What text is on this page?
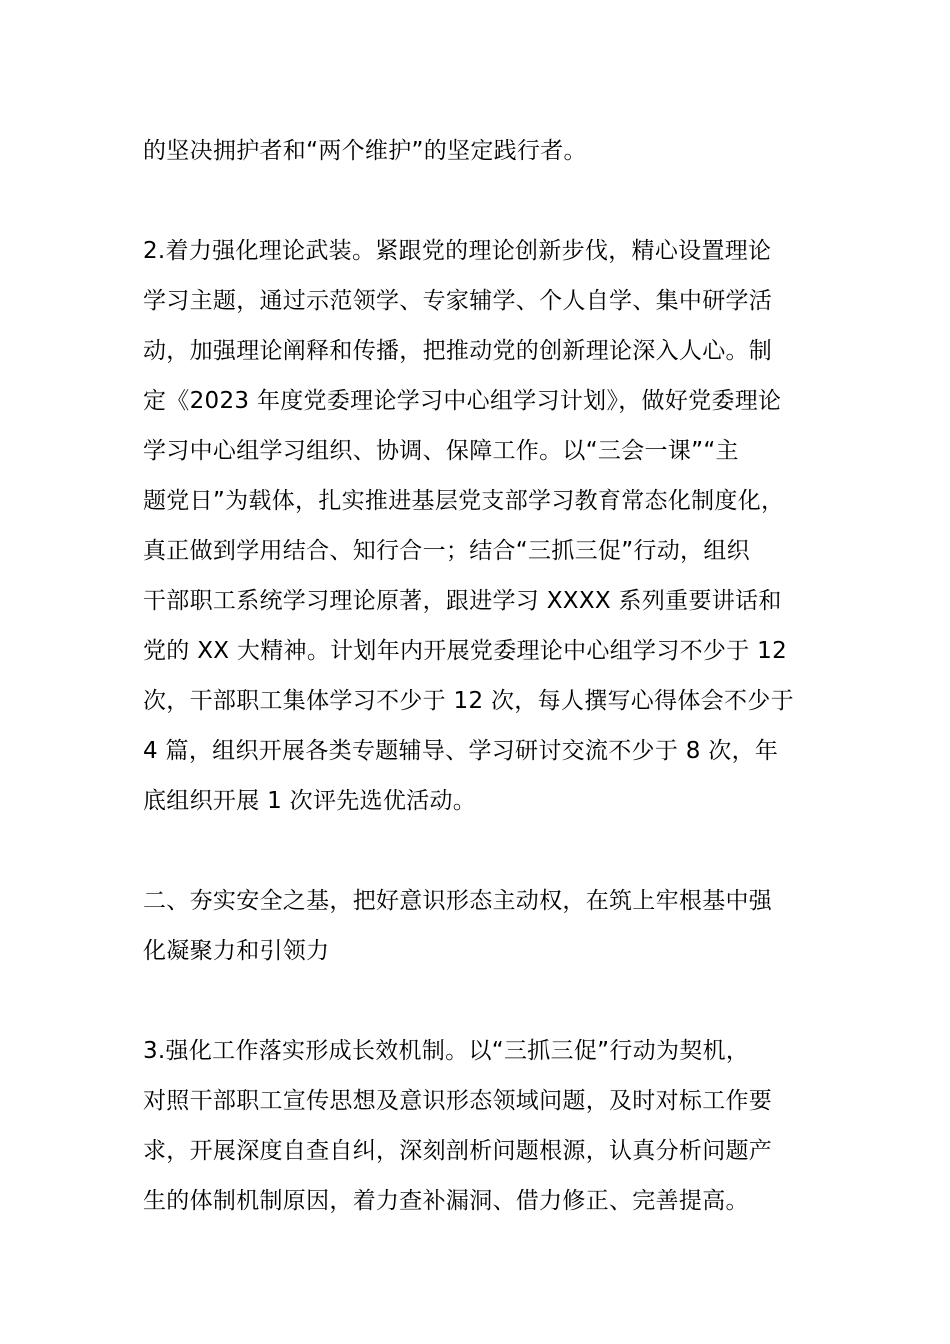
的坚决拥护者和“两个维护”的坚定践行者。
2.着力强化理论武装。紧跟党的理论创新步伐，精心设置理论
学习主题，通过示范领学、专家辅学、个人自学、集中研学活
动，加强理论阐释和传播，把推动党的创新理论深入人心。制
定《2023 年度党委理论学习中心组学习计划》，做好党委理论
学习中心组学习组织、协调、保障工作。以“三会一课”“主
题党日”为载体，扎实推进基层党支部学习教育常态化制度化，
真正做到学用结合、知行合一；结合“三抓三促”行动，组织
干部职工系统学习理论原著，跟进学习 XXXX 系列重要讲话和
党的 XX 大精神。计划年内开展党委理论中心组学习不少于 12
次，干部职工集体学习不少于 12 次，每人撰写心得体会不少于
4 篇，组织开展各类专题辅导、学习研讨交流不少于 8 次，年
底组织开展 1 次评先选优活动。
二、夯实安全之基，把好意识形态主动权，在筑上牢根基中强
化凝聚力和引领力
3.强化工作落实形成长效机制。以“三抓三促”行动为契机，
对照干部职工宣传思想及意识形态领域问题，及时对标工作要
求，开展深度自查自纠，深刻剖析问题根源，认真分析问题产
生的体制机制原因，着力查补漏洞、借力修正、完善提高。
